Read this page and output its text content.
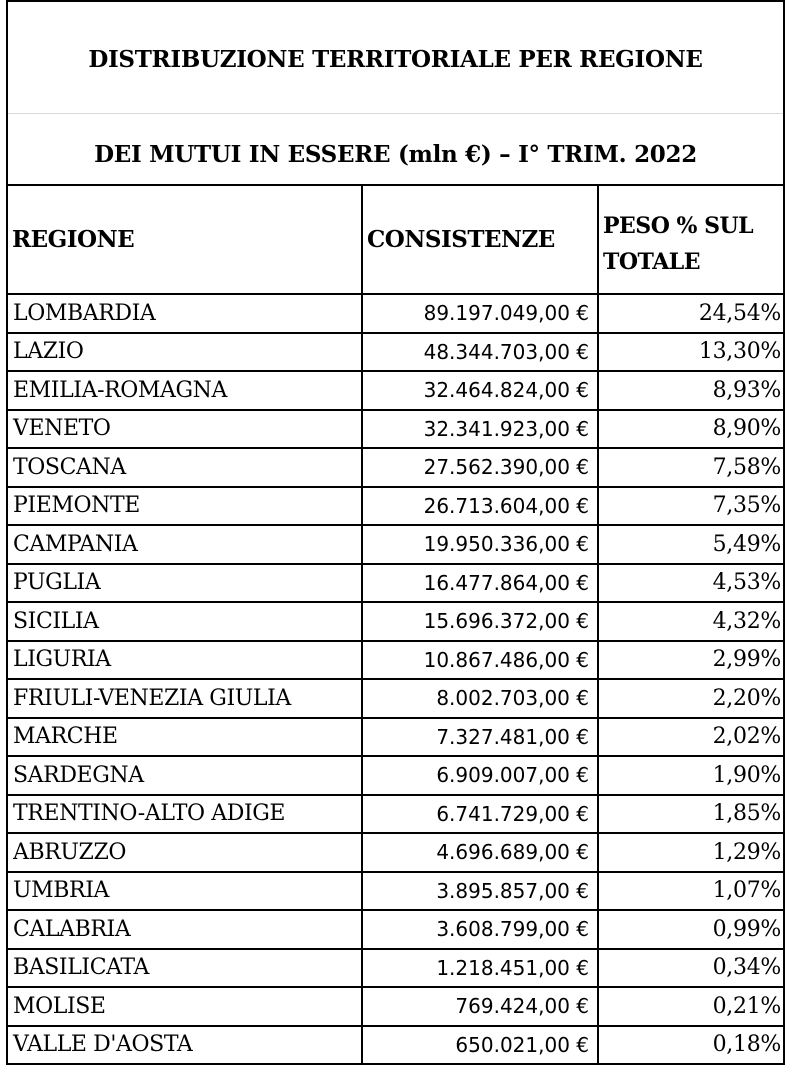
DISTRIBUZIONE TERRITORIALE PER REGIONE
DEI MUTUI IN ESSERE (mln €) – I° TRIM. 2022
REGIONE	CONSISTENZE	PESO % SUL
TOTALE
LOMBARDIA	89.197.049,00 €	24,54%
LAZIO	48.344.703,00 €	13,30%
EMILIA-ROMAGNA	32.464.824,00 €	8,93%
VENETO	32.341.923,00 €	8,90%
TOSCANA	27.562.390,00 €	7,58%
PIEMONTE	26.713.604,00 €	7,35%
CAMPANIA	19.950.336,00 €	5,49%
PUGLIA	16.477.864,00 €	4,53%
SICILIA	15.696.372,00 €	4,32%
LIGURIA	10.867.486,00 €	2,99%
FRIULI-VENEZIA GIULIA	8.002.703,00 €	2,20%
MARCHE	7.327.481,00 €	2,02%
SARDEGNA	6.909.007,00 €	1,90%
TRENTINO-ALTO ADIGE	6.741.729,00 €	1,85%
ABRUZZO	4.696.689,00 €	1,29%
UMBRIA	3.895.857,00 €	1,07%
CALABRIA	3.608.799,00 €	0,99%
BASILICATA	1.218.451,00 €	0,34%
MOLISE	769.424,00 €	0,21%
VALLE D'AOSTA	650.021,00 €	0,18%
